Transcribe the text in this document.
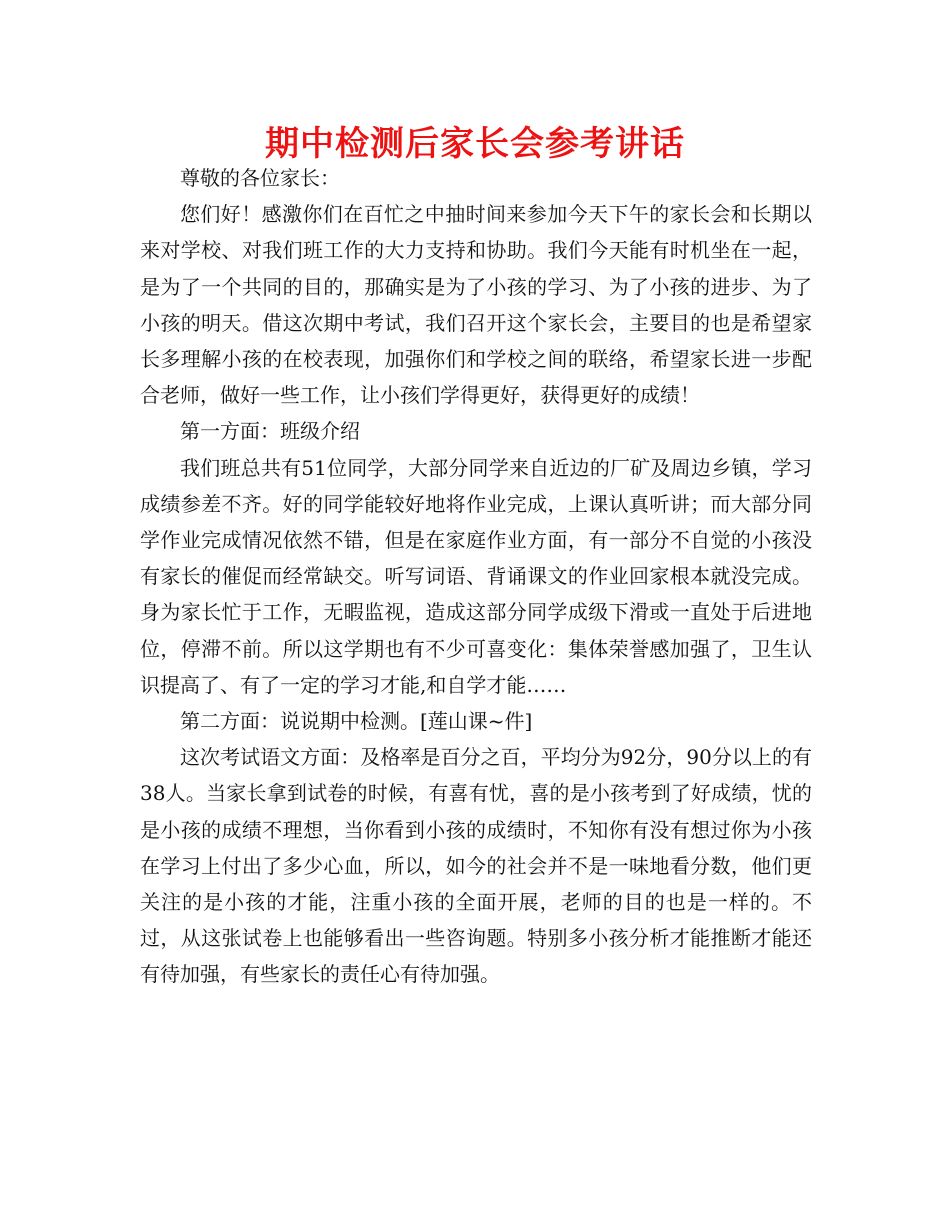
期中检测后家长会参考讲话

尊敬的各位家长：

您们好！感激你们在百忙之中抽时间来参加今天下午的家长会和长期以来对学校、对我们班工作的大力支持和协助。我们今天能有时机坐在一起，是为了一个共同的目的，那确实是为了小孩的学习、为了小孩的进步、为了小孩的明天。借这次期中考试，我们召开这个家长会，主要目的也是希望家长多理解小孩的在校表现，加强你们和学校之间的联络，希望家长进一步配合老师，做好一些工作，让小孩们学得更好，获得更好的成绩！

第一方面：班级介绍

我们班总共有51位同学，大部分同学来自近边的厂矿及周边乡镇，学习成绩参差不齐。好的同学能较好地将作业完成，上课认真听讲；而大部分同学作业完成情况依然不错，但是在家庭作业方面，有一部分不自觉的小孩没有家长的催促而经常缺交。听写词语、背诵课文的作业回家根本就没完成。身为家长忙于工作，无暇监视，造成这部分同学成级下滑或一直处于后进地位，停滞不前。所以这学期也有不少可喜变化：集体荣誉感加强了，卫生认识提高了、有了一定的学习才能,和自学才能……

第二方面：说说期中检测。[莲山课~件]

这次考试语文方面：及格率是百分之百，平均分为92分，90分以上的有38人。当家长拿到试卷的时候，有喜有忧，喜的是小孩考到了好成绩，忧的是小孩的成绩不理想，当你看到小孩的成绩时，不知你有没有想过你为小孩在学习上付出了多少心血，所以，如今的社会并不是一味地看分数，他们更关注的是小孩的才能，注重小孩的全面开展，老师的目的也是一样的。不过，从这张试卷上也能够看出一些咨询题。特别多小孩分析才能推断才能还有待加强，有些家长的责任心有待加强。
